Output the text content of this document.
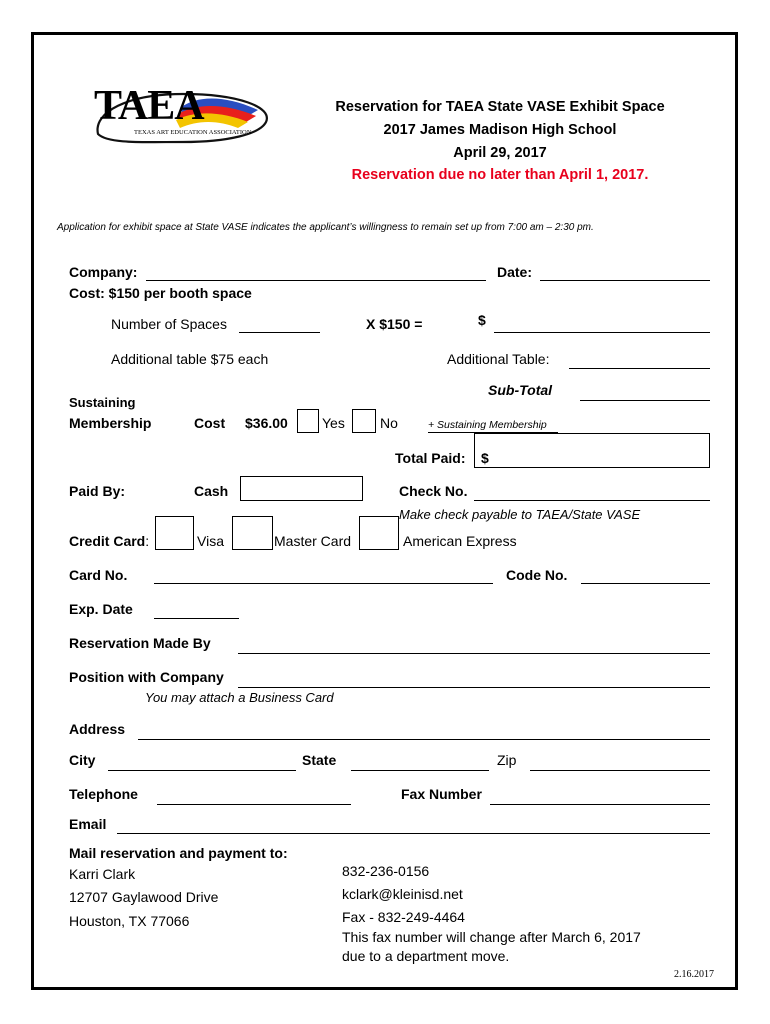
TAEA
TEXAS ART EDUCATION ASSOCIATION
Reservation for TAEA State VASE Exhibit Space
2017 James Madison High School
April 29, 2017
Reservation due no later than April 1, 2017.
Application for exhibit space at State VASE indicates the applicant’s willingness to remain set up from 7:00 am – 2:30 pm.
Company:	Date:
Cost: $150 per booth space
Number of Spaces	X $150 =	$
Additional table $75 each	Additional Table:
Sub-Total
Sustaining
Membership	Cost $36.00 Yes	No	+ Sustaining Membership
Total Paid: $
Paid By:	Cash	Check No.
Make check payable to TAEA/State VASE
Credit Card:	Visa	Master Card	American Express
Card No.	Code No.
Exp. Date
Reservation Made By
Position with Company
You may attach a Business Card
Address
City	State	Zip
Telephone	Fax Number
Email
Mail reservation and payment to:
Karri Clark
12707 Gaylawood Drive
Houston, TX 77066
832-236-0156
kclark@kleinisd.net
Fax - 832-249-4464
This fax number will change after March 6, 2017
due to a department move.
2.16.2017
